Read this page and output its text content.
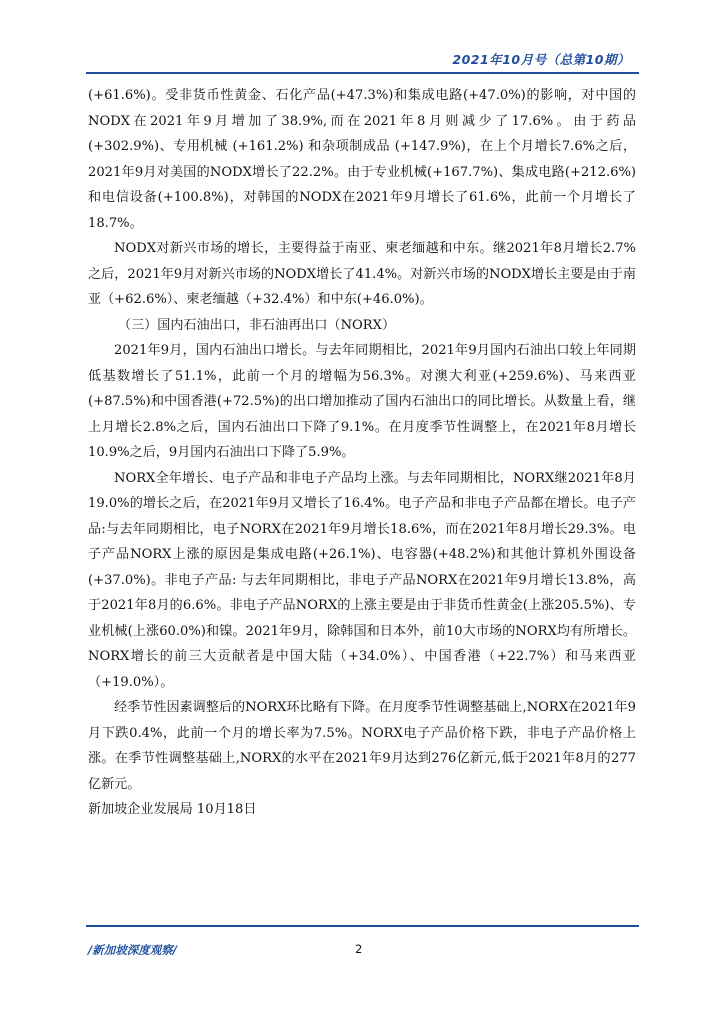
2021年10月号（总第10期）

(+61.6%)。受非货币性黄金、石化产品(+47.3%)和集成电路(+47.0%)的影响，对中国的NODX在2021年9月增加了38.9%,而在2021年8月则减少了17.6%。由于药品 (+302.9%)、专用机械 (+161.2%) 和杂项制成品 (+147.9%)，在上个月增长7.6%之后，2021年9月对美国的NODX增长了22.2%。由于专业机械(+167.7%)、集成电路(+212.6%)和电信设备(+100.8%)，对韩国的NODX在2021年9月增长了61.6%，此前一个月增长了18.7%。

NODX对新兴市场的增长，主要得益于南亚、柬老缅越和中东。继2021年8月增长2.7%之后，2021年9月对新兴市场的NODX增长了41.4%。对新兴市场的NODX增长主要是由于南亚（+62.6%）、柬老缅越（+32.4%）和中东(+46.0%)。

（三）国内石油出口，非石油再出口（NORX）

2021年9月，国内石油出口增长。与去年同期相比，2021年9月国内石油出口较上年同期低基数增长了51.1%，此前一个月的增幅为56.3%。对澳大利亚(+259.6%)、马来西亚(+87.5%)和中国香港(+72.5%)的出口增加推动了国内石油出口的同比增长。从数量上看，继上月增长2.8%之后，国内石油出口下降了9.1%。在月度季节性调整上，在2021年8月增长10.9%之后，9月国内石油出口下降了5.9%。

NORX全年增长、电子产品和非电子产品均上涨。与去年同期相比，NORX继2021年8月19.0%的增长之后，在2021年9月又增长了16.4%。电子产品和非电子产品都在增长。电子产品:与去年同期相比，电子NORX在2021年9月增长18.6%，而在2021年8月增长29.3%。电子产品NORX上涨的原因是集成电路(+26.1%)、电容器(+48.2%)和其他计算机外围设备(+37.0%)。非电子产品: 与去年同期相比，非电子产品NORX在2021年9月增长13.8%，高于2021年8月的6.6%。非电子产品NORX的上涨主要是由于非货币性黄金(上涨205.5%)、专业机械(上涨60.0%)和镍。2021年9月，除韩国和日本外，前10大市场的NORX均有所增长。NORX增长的前三大贡献者是中国大陆（+34.0%）、中国香港（+22.7%）和马来西亚（+19.0%）。

经季节性因素调整后的NORX环比略有下降。在月度季节性调整基础上,NORX在2021年9月下跌0.4%，此前一个月的增长率为7.5%。NORX电子产品价格下跌，非电子产品价格上涨。在季节性调整基础上,NORX的水平在2021年9月达到276亿新元,低于2021年8月的277亿新元。

新加坡企业发展局 10月18日

/新加坡深度观察/	2
